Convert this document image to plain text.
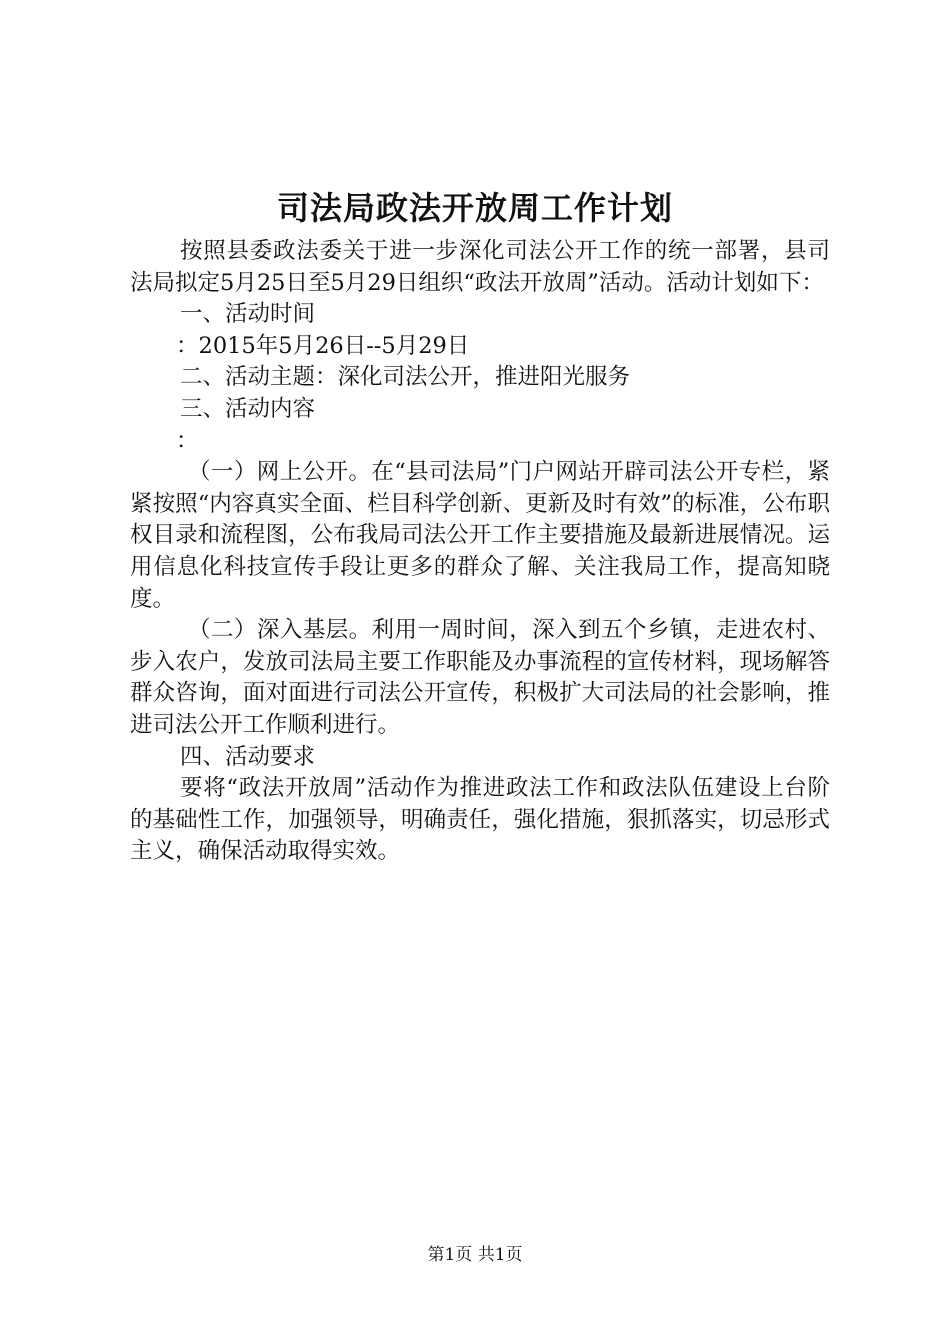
司法局政法开放周工作计划

按照县委政法委关于进一步深化司法公开工作的统一部署，县司法局拟定5月25日至5月29日组织“政法开放周”活动。活动计划如下：

一、活动时间

：2015年5月26日--5月29日

二、活动主题：深化司法公开，推进阳光服务

三、活动内容

：

（一）网上公开。在“县司法局”门户网站开辟司法公开专栏，紧紧按照“内容真实全面、栏目科学创新、更新及时有效”的标准，公布职权目录和流程图，公布我局司法公开工作主要措施及最新进展情况。运用信息化科技宣传手段让更多的群众了解、关注我局工作，提高知晓度。

（二）深入基层。利用一周时间，深入到五个乡镇，走进农村、步入农户，发放司法局主要工作职能及办事流程的宣传材料，现场解答群众咨询，面对面进行司法公开宣传，积极扩大司法局的社会影响，推进司法公开工作顺利进行。

四、活动要求

要将“政法开放周”活动作为推进政法工作和政法队伍建设上台阶的基础性工作，加强领导，明确责任，强化措施，狠抓落实，切忌形式主义，确保活动取得实效。

第1页 共1页
